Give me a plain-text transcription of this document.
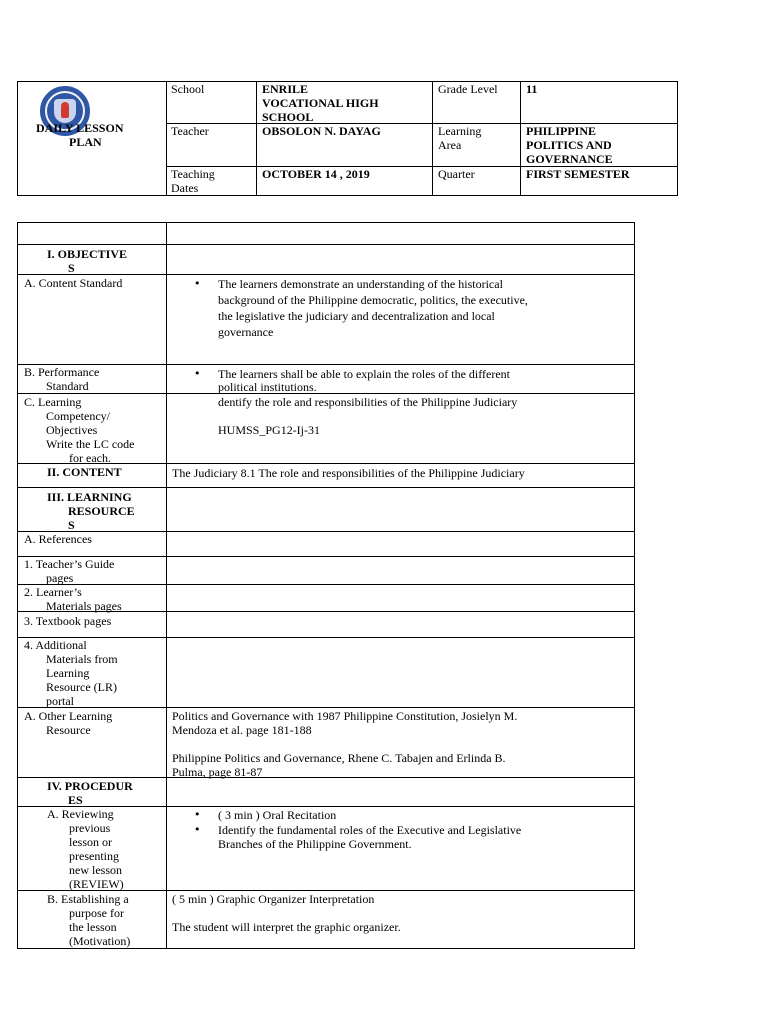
DAILY LESSON
PLAN
School	ENRILE
VOCATIONAL HIGH
SCHOOL
Grade Level 11
Teacher	OBSOLON N. DAYAG	Learning
Area
PHILIPPINE
POLITICS AND
GOVERNANCE
Teaching
Dates
OCTOBER 14 , 2019	Quarter	FIRST SEMESTER
I. OBJECTIVE
S
A. Content Standard
•	The learners demonstrate an understanding of the historical
background of the Philippine democratic, politics, the executive,
the legislative the judiciary and decentralization and local
governance
B. Performance
Standard
• The learners shall be able to explain the roles of the different
political institutions.
C. Learning
Competency/
Objectives
Write the LC code
for each.
dentify the role and responsibilities of the Philippine Judiciary
HUMSS_PG12-Ij-31
II. CONTENT	The Judiciary 8.1 The role and responsibilities of the Philippine Judiciary
III. LEARNING
RESOURCE
S
A. References
1. Teacher’s Guide
pages
2. Learner’s
Materials pages
3. Textbook pages
4. Additional
Materials from
Learning
Resource (LR)
portal
A. Other Learning
Resource
Politics and Governance with 1987 Philippine Constitution, Josielyn M.
Mendoza et al. page 181-188
Philippine Politics and Governance, Rhene C. Tabajen and Erlinda B.
Pulma, page 81-87
IV. PROCEDUR
ES
A. Reviewing
previous
lesson or
presenting
new lesson
(REVIEW)
• ( 3 min ) Oral Recitation
• Identify the fundamental roles of the Executive and Legislative
Branches of the Philippine Government.
B. Establishing a
purpose for
the lesson
(Motivation)
( 5 min ) Graphic Organizer Interpretation
The student will interpret the graphic organizer.
